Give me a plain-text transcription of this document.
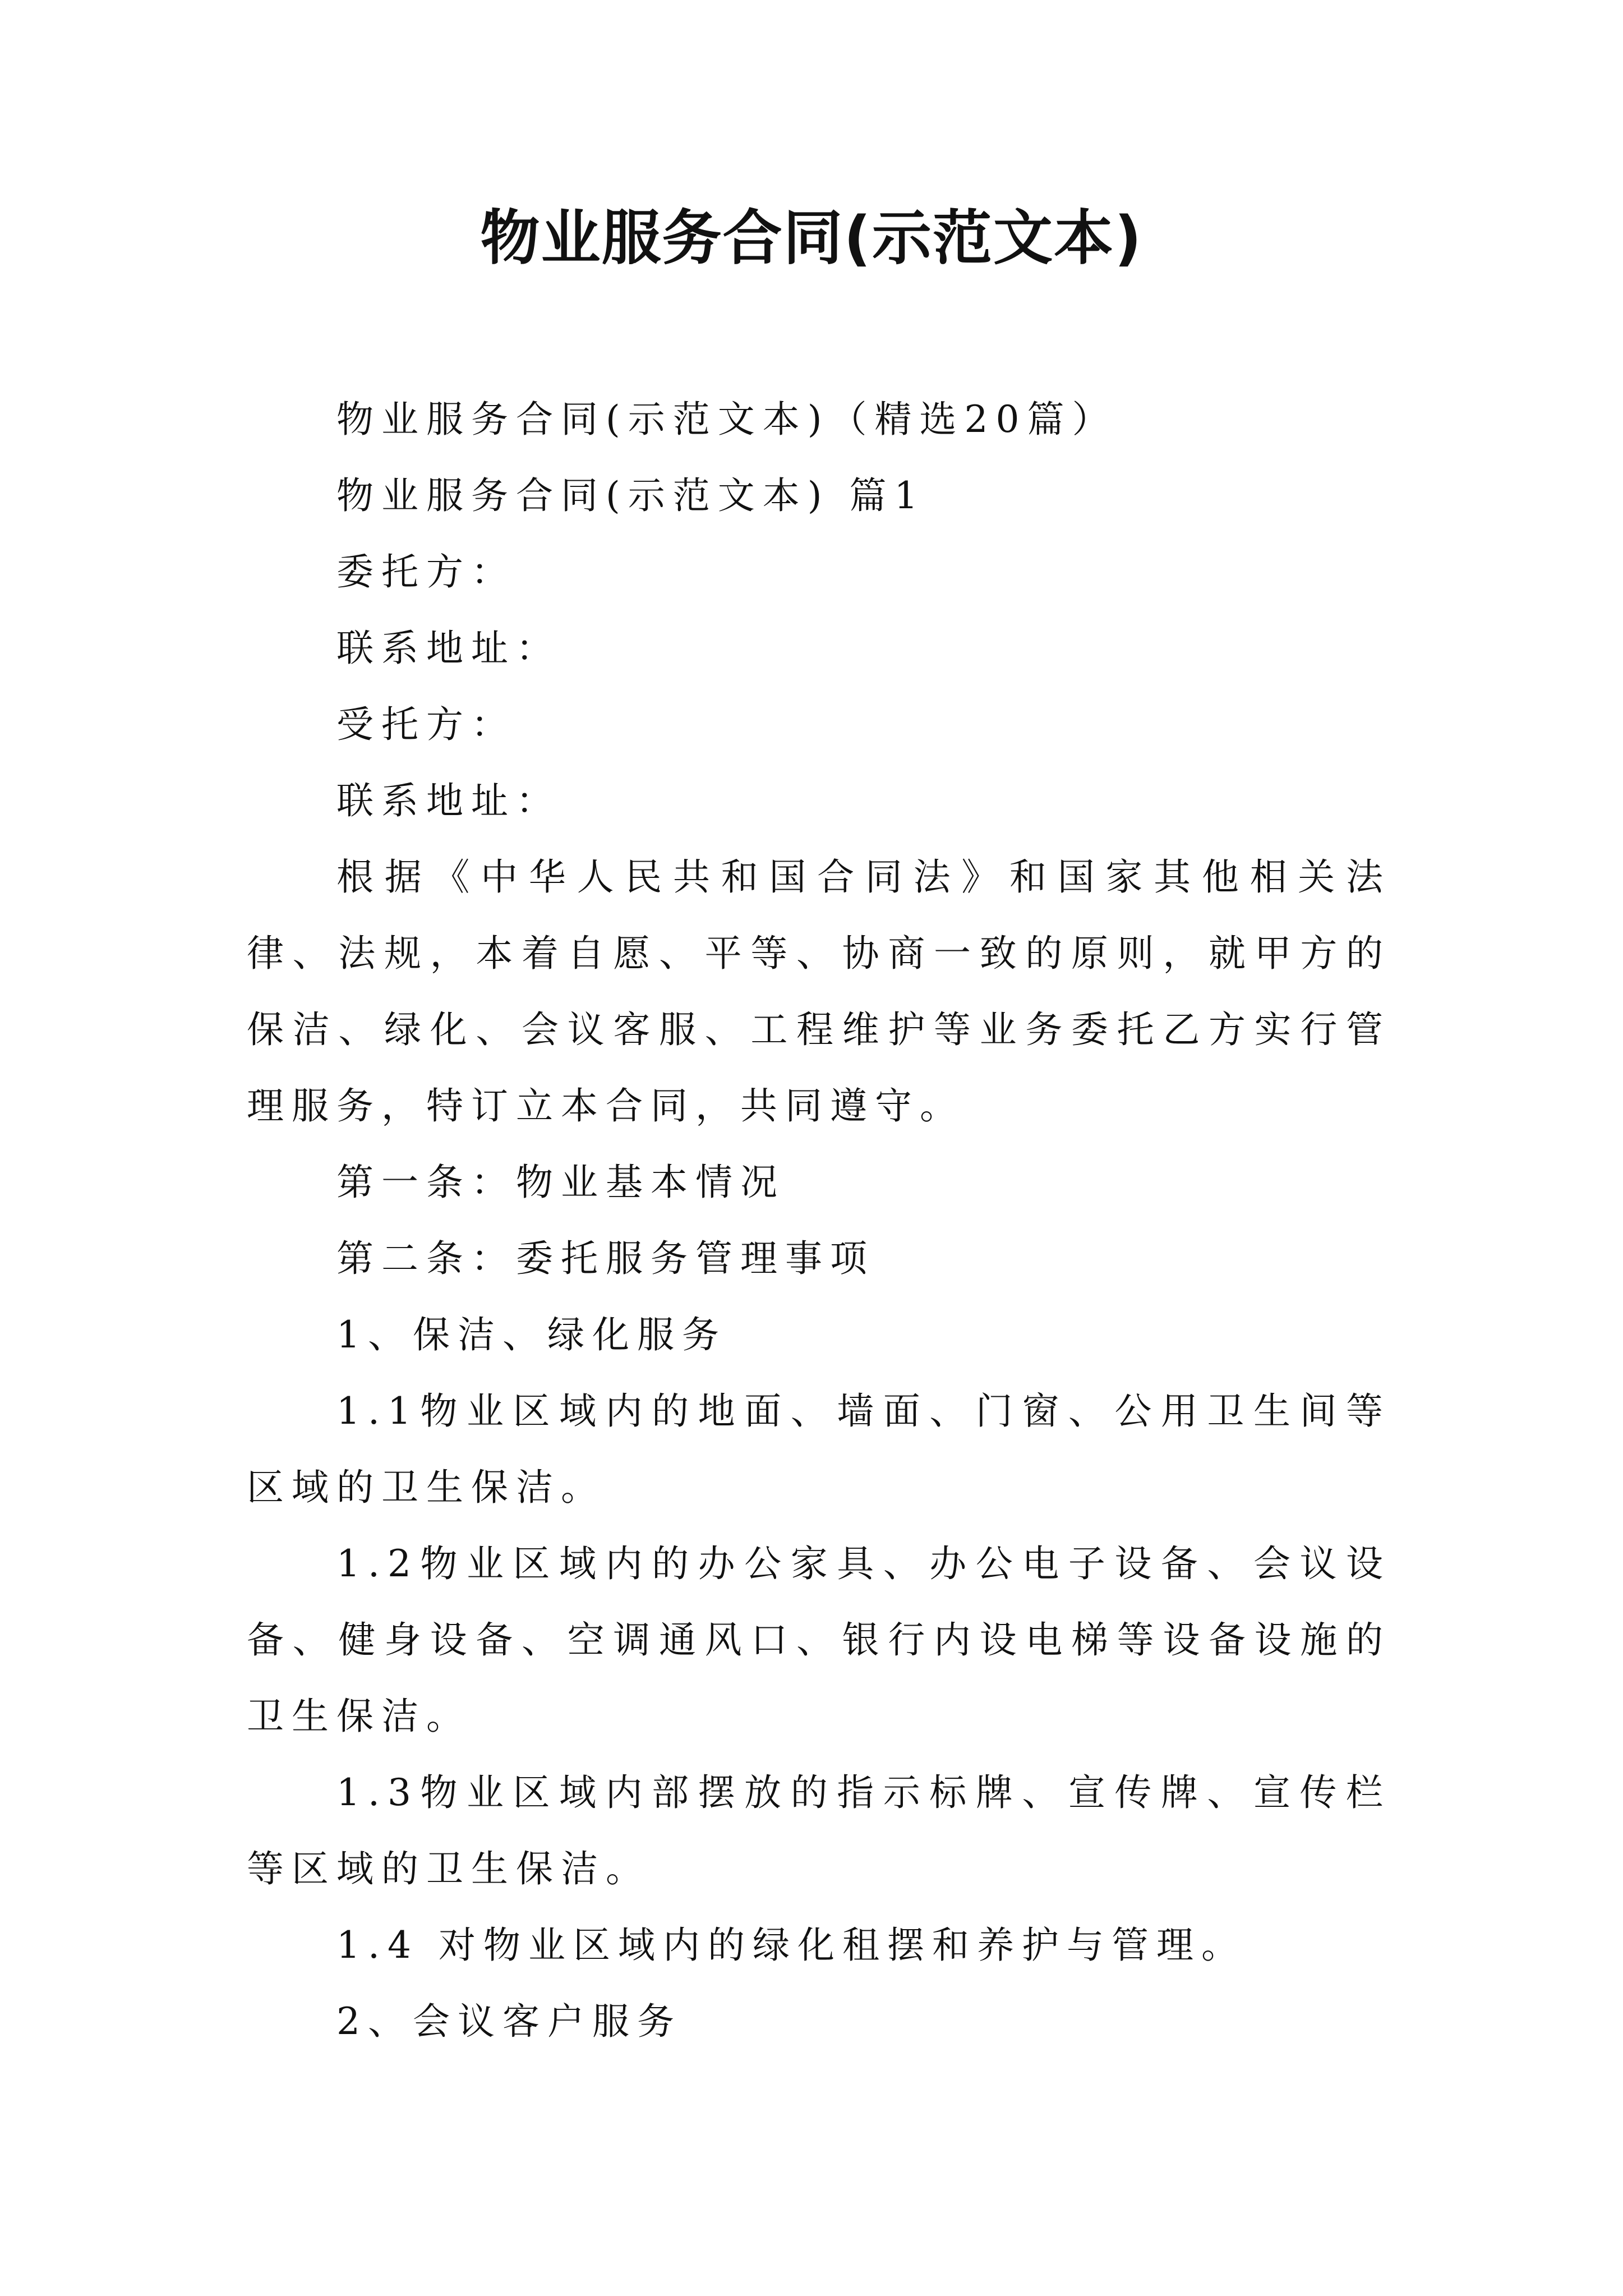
物业服务合同(示范文本)

物业服务合同(示范文本)（精选20篇）

物业服务合同(示范文本) 篇1

委托方：

联系地址：

受托方：

联系地址：

根据《中华人民共和国合同法》和国家其他相关法律、法规，本着自愿、平等、协商一致的原则，就甲方的保洁、绿化、会议客服、工程维护等业务委托乙方实行管理服务，特订立本合同，共同遵守。

第一条：物业基本情况

第二条：委托服务管理事项

1、保洁、绿化服务

1.1物业区域内的地面、墙面、门窗、公用卫生间等区域的卫生保洁。

1.2物业区域内的办公家具、办公电子设备、会议设备、健身设备、空调通风口、银行内设电梯等设备设施的卫生保洁。

1.3物业区域内部摆放的指示标牌、宣传牌、宣传栏等区域的卫生保洁。

1.4 对物业区域内的绿化租摆和养护与管理。

2、会议客户服务
